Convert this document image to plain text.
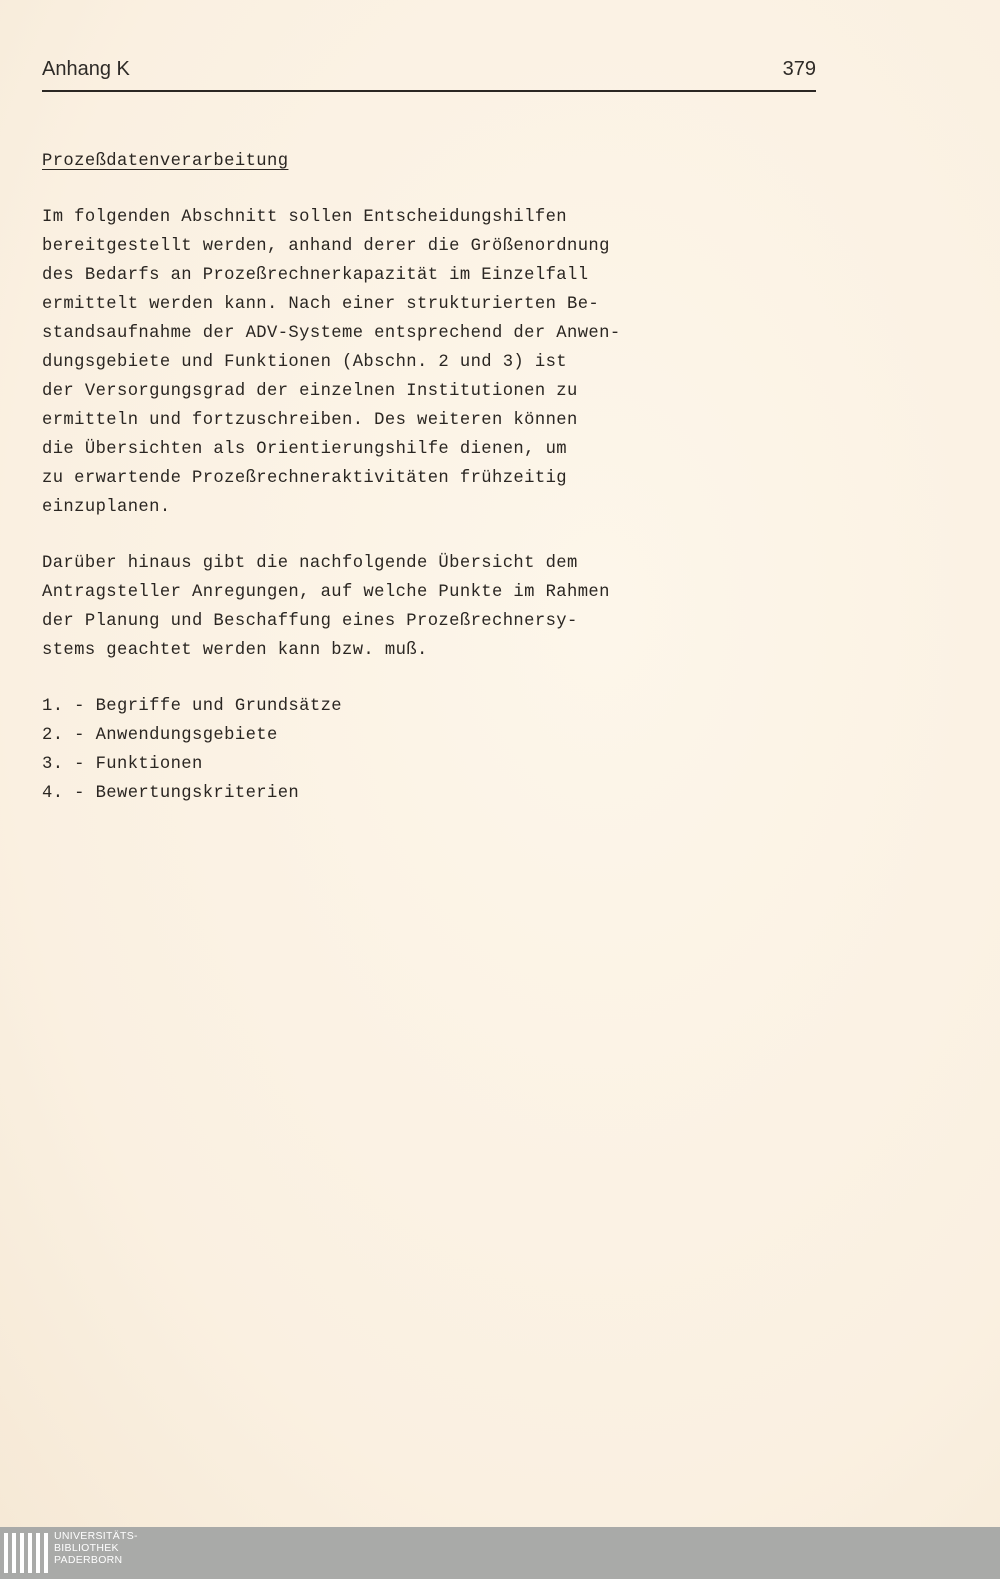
Anhang K	379
Prozeßdatenverarbeitung

Im folgenden Abschnitt sollen Entscheidungshilfen
bereitgestellt werden, anhand derer die Größenordnung
des Bedarfs an Prozeßrechnerkapazität im Einzelfall
ermittelt werden kann. Nach einer strukturierten Be-
standsaufnahme der ADV-Systeme entsprechend der Anwen-
dungsgebiete und Funktionen (Abschn. 2 und 3) ist
der Versorgungsgrad der einzelnen Institutionen zu
ermitteln und fortzuschreiben. Des weiteren können
die Übersichten als Orientierungshilfe dienen, um
zu erwartende Prozeßrechneraktivitäten frühzeitig
einzuplanen.

Darüber hinaus gibt die nachfolgende Übersicht dem
Antragsteller Anregungen, auf welche Punkte im Rahmen
der Planung und Beschaffung eines Prozeßrechnersy-
stems geachtet werden kann bzw. muß.

1. - Begriffe und Grundsätze
2. - Anwendungsgebiete
3. - Funktionen
4. - Bewertungskriterien
UNIVERSITÄTS-
BIBLIOTHEK
PADERBORN
